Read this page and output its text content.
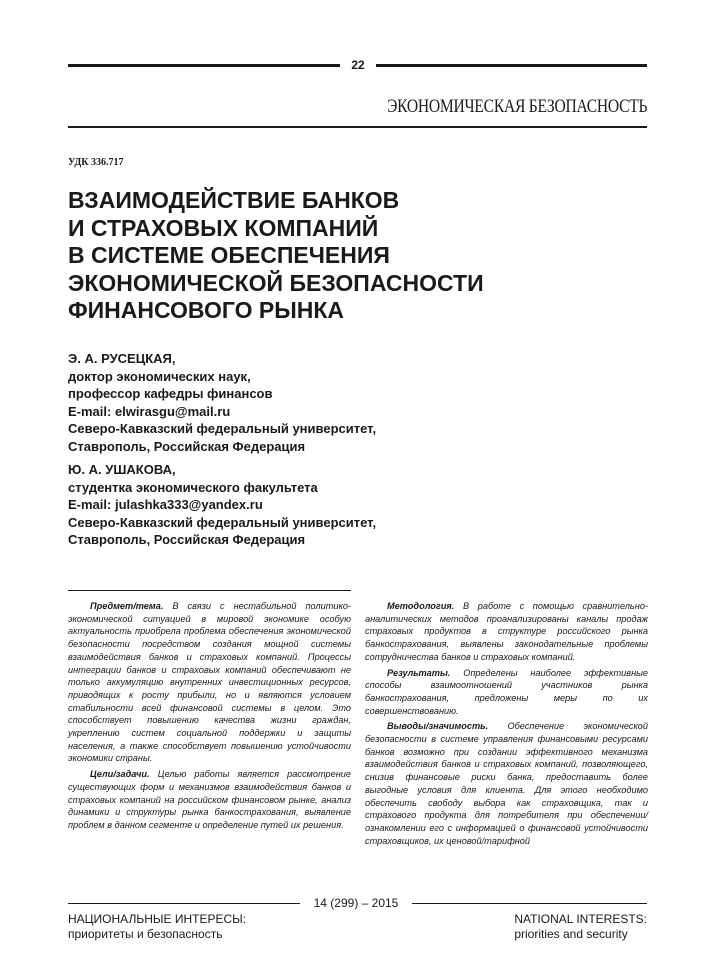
22
ЭКОНОМИЧЕСКАЯ БЕЗОПАСНОСТЬ
УДК 336.717
ВЗАИМОДЕЙСТВИЕ БАНКОВ
И СТРАХОВЫХ КОМПАНИЙ
В СИСТЕМЕ ОБЕСПЕЧЕНИЯ
ЭКОНОМИЧЕСКОЙ БЕЗОПАСНОСТИ
ФИНАНСОВОГО РЫНКА
Э. А. РУСЕЦКАЯ,
доктор экономических наук,
профессор кафедры финансов
E-mail: elwirasgu@mail.ru
Северо-Кавказский федеральный университет,
Ставрополь, Российская Федерация
Ю. А. УШАКОВА,
студентка экономического факультета
E-mail: julashka333@yandex.ru
Северо-Кавказский федеральный университет,
Ставрополь, Российская Федерация

Предмет/тема. В связи с нестабильной политико-экономической ситуацией в мировой экономике особую актуальность приобрела проблема обеспечения экономической безопасности посредством создания мощной системы взаимодействия банков и страховых компаний. Процессы интеграции банков и страховых компаний обеспечивают не только аккумуляцию внутренних инвестиционных ресурсов, приводящих к росту прибыли, но и являются условием стабильности всей финансовой системы в целом. Это способствует повышению качества жизни граждан, укреплению систем социальной поддержки и защиты населения, а также способствует повышению устойчивости экономики страны.

Цели/задачи. Целью работы является рассмотрение существующих форм и механизмов взаимодействия банков и страховых компаний на российском финансовом рынке, анализ динамики и структуры рынка банкострахования, выявление проблем в данном сегменте и определение путей их решения.

Методология. В работе с помощью сравнительно-аналитических методов проанализированы каналы продаж страховых продуктов в структуре российского рынка банкострахования, выявлены законодательные проблемы сотрудничества банков и страховых компаний.

Результаты. Определены наиболее эффективные способы взаимоотношений участников рынка банкострахования, предложены меры по их совершенствованию.

Выводы/значимость. Обеспечение экономической безопасности в системе управления финансовыми ресурсами банков возможно при создании эффективного механизма взаимодействия банков и страховых компаний, позволяющего, снизив финансовые риски банка, предоставить более выгодные условия для клиента. Для этого необходимо обеспечить свободу выбора как страховщика, так и страхового продукта для потребителя при обеспечении/ознакомлении его с информацией о финансовой устойчивости страховщиков, их ценовой/тарифной

14 (299) – 2015
НАЦИОНАЛЬНЫЕ ИНТЕРЕСЫ:
приоритеты и безопасность
NATIONAL INTERESTS:
priorities and security
